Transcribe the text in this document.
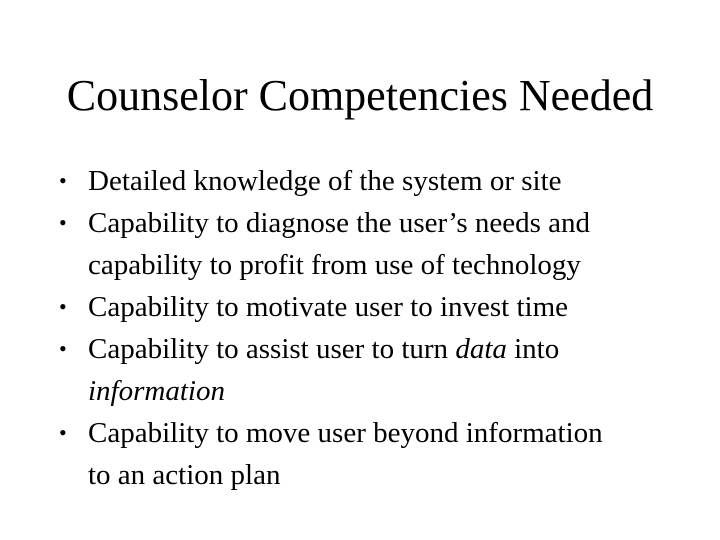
Counselor Competencies Needed
• Detailed knowledge of the system or site
• Capability to diagnose the user’s needs and
capability to profit from use of technology
• Capability to motivate user to invest time
• Capability to assist user to turn data into
information
• Capability to move user beyond information
to an action plan
